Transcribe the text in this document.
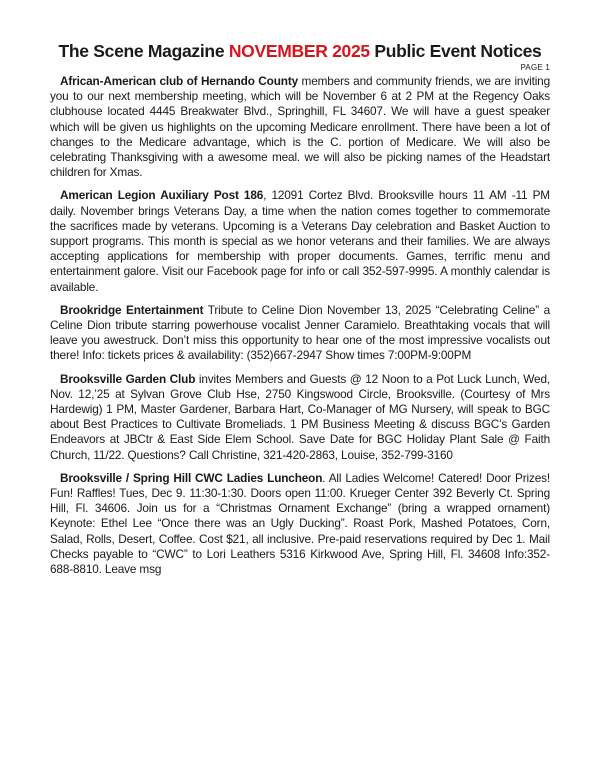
The Scene Magazine NOVEMBER 2025 Public Event Notices
PAGE 1

African-American club of Hernando County members and community friends, we are inviting you to our next membership meeting, which will be November 6 at 2 PM at the Regency Oaks clubhouse located 4445 Breakwater Blvd., Springhill, FL 34607. We will have a guest speaker which will be given us highlights on the upcoming Medicare enrollment. There have been a lot of changes to the Medicare advantage, which is the C. portion of Medicare. We will also be celebrating Thanksgiving with a awesome meal. we will also be picking names of the Headstart children for Xmas.

American Legion Auxiliary Post 186, 12091 Cortez Blvd. Brooksville hours 11 AM -11 PM daily. November brings Veterans Day, a time when the nation comes together to commemorate the sacrifices made by veterans. Upcoming is a Veterans Day celebration and Basket Auction to support programs. This month is special as we honor veterans and their families. We are always accepting applications for membership with proper documents. Games, terrific menu and entertainment galore. Visit our Facebook page for info or call 352-597-9995. A monthly calendar is available.

Brookridge Entertainment Tribute to Celine Dion November 13, 2025 “Celebrating Celine” a Celine Dion tribute starring powerhouse vocalist Jenner Caramielo. Breathtaking vocals that will leave you awestruck. Don’t miss this opportunity to hear one of the most impressive vocalists out there! Info: tickets prices & availability: (352)667-2947 Show times 7:00PM-9:00PM

Brooksville Garden Club invites Members and Guests @ 12 Noon to a Pot Luck Lunch, Wed, Nov. 12,’25 at Sylvan Grove Club Hse, 2750 Kingswood Circle, Brooksville. (Courtesy of Mrs Hardewig) 1 PM, Master Gardener, Barbara Hart, Co-Manager of MG Nursery, will speak to BGC about Best Practices to Cultivate Bromeliads. 1 PM Business Meeting & discuss BGC’s Garden Endeavors at JBCtr & East Side Elem School. Save Date for BGC Holiday Plant Sale @ Faith Church, 11/22. Questions? Call Christine, 321-420-2863, Louise, 352-799-3160

Brooksville / Spring Hill CWC Ladies Luncheon. All Ladies Welcome! Catered! Door Prizes! Fun! Raffles! Tues, Dec 9. 11:30-1:30. Doors open 11:00. Krueger Center 392 Beverly Ct. Spring Hill, Fl. 34606. Join us for a “Christmas Ornament Exchange” (bring a wrapped ornament) Keynote: Ethel Lee “Once there was an Ugly Ducking”. Roast Pork, Mashed Potatoes, Corn, Salad, Rolls, Desert, Coffee. Cost $21, all inclusive. Pre-paid reservations required by Dec 1. Mail Checks payable to “CWC” to Lori Leathers 5316 Kirkwood Ave, Spring Hill, Fl. 34608 Info:352-688-8810. Leave msg
